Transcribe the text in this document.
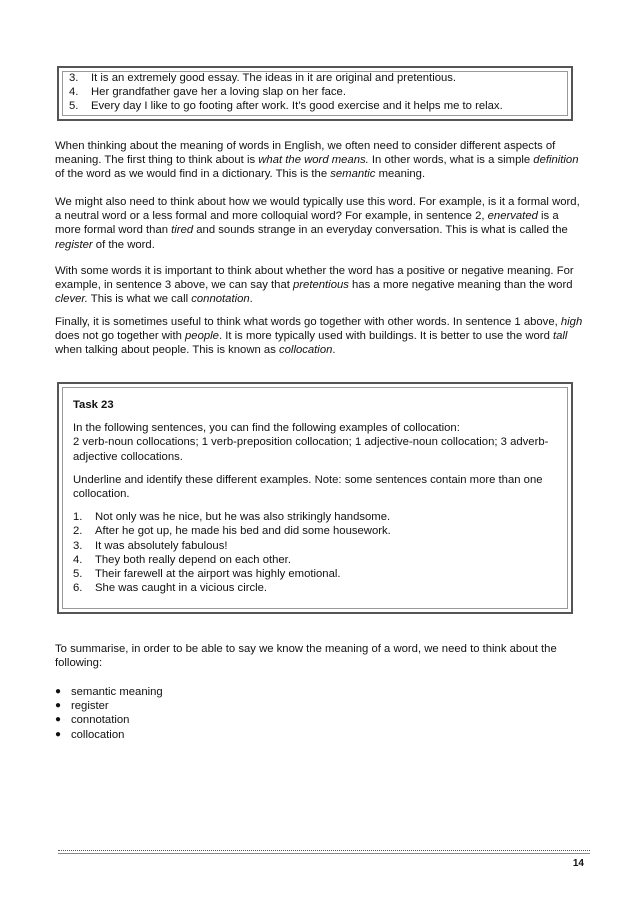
3.	It is an extremely good essay. The ideas in it are original and pretentious.
4.	Her grandfather gave her a loving slap on her face.
5.	Every day I like to go footing after work. It’s good exercise and it helps me to relax.

When thinking about the meaning of words in English, we often need to consider different aspects of meaning. The first thing to think about is what the word means. In other words, what is a simple definition of the word as we would find in a dictionary. This is the semantic meaning.

We might also need to think about how we would typically use this word. For example, is it a formal word, a neutral word or a less formal and more colloquial word? For example, in sentence 2, enervated is a more formal word than tired and sounds strange in an everyday conversation. This is what is called the register of the word.

With some words it is important to think about whether the word has a positive or negative meaning. For example, in sentence 3 above, we can say that pretentious has a more negative meaning than the word clever. This is what we call connotation.

Finally, it is sometimes useful to think what words go together with other words. In sentence 1 above, high does not go together with people. It is more typically used with buildings. It is better to use the word tall when talking about people. This is known as collocation.

Task 23
In the following sentences, you can find the following examples of collocation:
2 verb-noun collocations; 1 verb-preposition collocation; 1 adjective-noun collocation; 3 adverb-adjective collocations.
Underline and identify these different examples. Note: some sentences contain more than one collocation.
1.	Not only was he nice, but he was also strikingly handsome.
2.	After he got up, he made his bed and did some housework.
3.	It was absolutely fabulous!
4.	They both really depend on each other.
5.	Their farewell at the airport was highly emotional.
6.	She was caught in a vicious circle.

To summarise, in order to be able to say we know the meaning of a word, we need to think about the following:

● semantic meaning
● register
● connotation
● collocation
14
